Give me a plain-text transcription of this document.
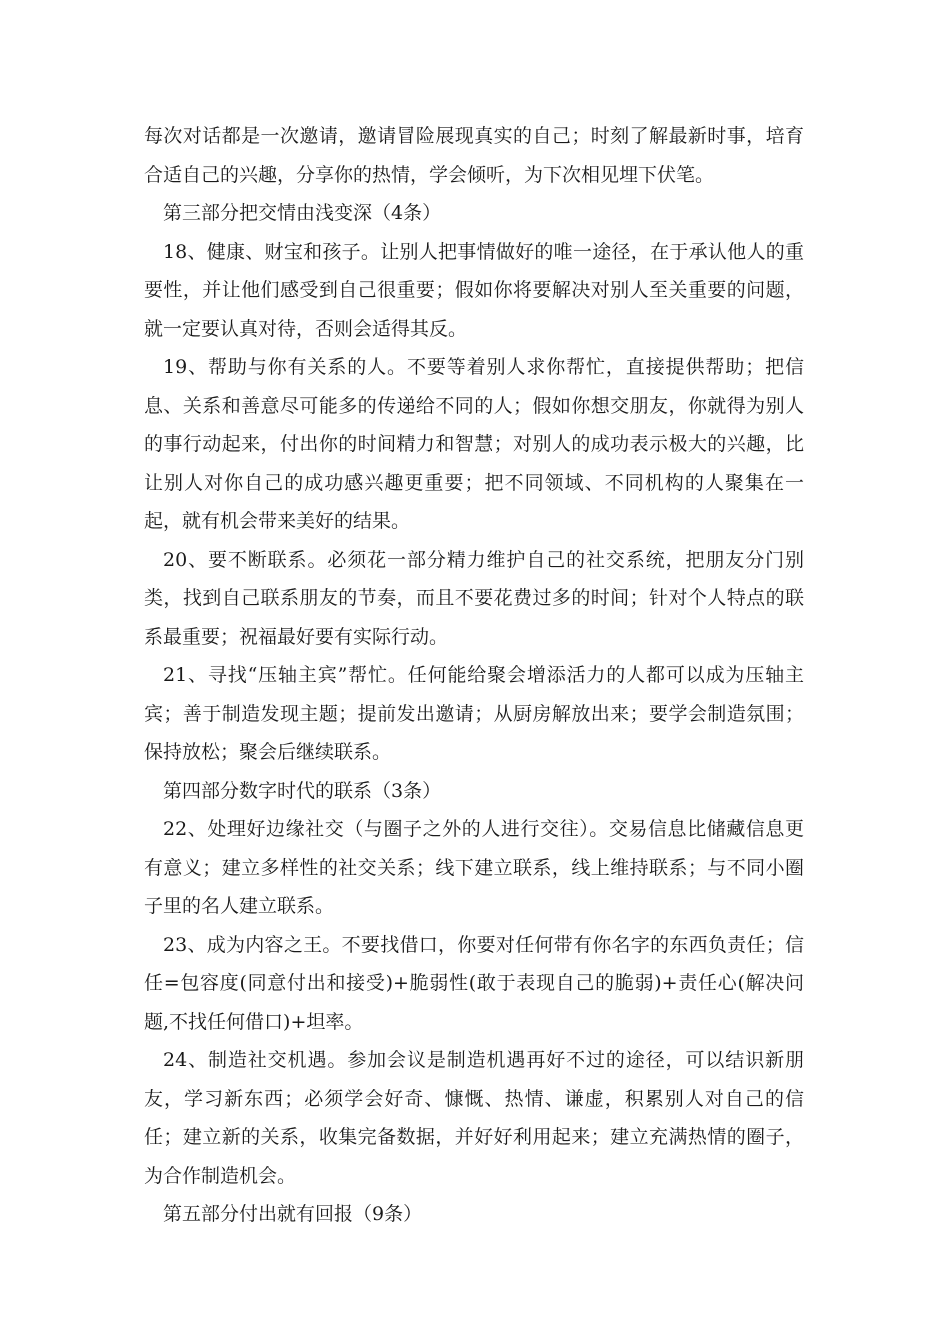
每次对话都是一次邀请，邀请冒险展现真实的自己；时刻了解最新时事，培育合适自己的兴趣，分享你的热情，学会倾听，为下次相见埋下伏笔。

第三部分把交情由浅变深（4条）

18、健康、财宝和孩子。让别人把事情做好的唯一途径，在于承认他人的重要性，并让他们感受到自己很重要；假如你将要解决对别人至关重要的问题，就一定要认真对待，否则会适得其反。

19、帮助与你有关系的人。不要等着别人求你帮忙，直接提供帮助；把信息、关系和善意尽可能多的传递给不同的人；假如你想交朋友，你就得为别人的事行动起来，付出你的时间精力和智慧；对别人的成功表示极大的兴趣，比让别人对你自己的成功感兴趣更重要；把不同领域、不同机构的人聚集在一起，就有机会带来美好的结果。

20、要不断联系。必须花一部分精力维护自己的社交系统，把朋友分门别类，找到自己联系朋友的节奏，而且不要花费过多的时间；针对个人特点的联系最重要；祝福最好要有实际行动。

21、寻找“压轴主宾”帮忙。任何能给聚会增添活力的人都可以成为压轴主宾；善于制造发现主题；提前发出邀请；从厨房解放出来；要学会制造氛围；保持放松；聚会后继续联系。

第四部分数字时代的联系（3条）

22、处理好边缘社交（与圈子之外的人进行交往）。交易信息比储藏信息更有意义；建立多样性的社交关系；线下建立联系，线上维持联系；与不同小圈子里的名人建立联系。

23、成为内容之王。不要找借口，你要对任何带有你名字的东西负责任；信任=包容度(同意付出和接受)+脆弱性(敢于表现自己的脆弱)+责任心(解决问题,不找任何借口)+坦率。

24、制造社交机遇。参加会议是制造机遇再好不过的途径，可以结识新朋友，学习新东西；必须学会好奇、慷慨、热情、谦虚，积累别人对自己的信任；建立新的关系，收集完备数据，并好好利用起来；建立充满热情的圈子，为合作制造机会。

第五部分付出就有回报（9条）
